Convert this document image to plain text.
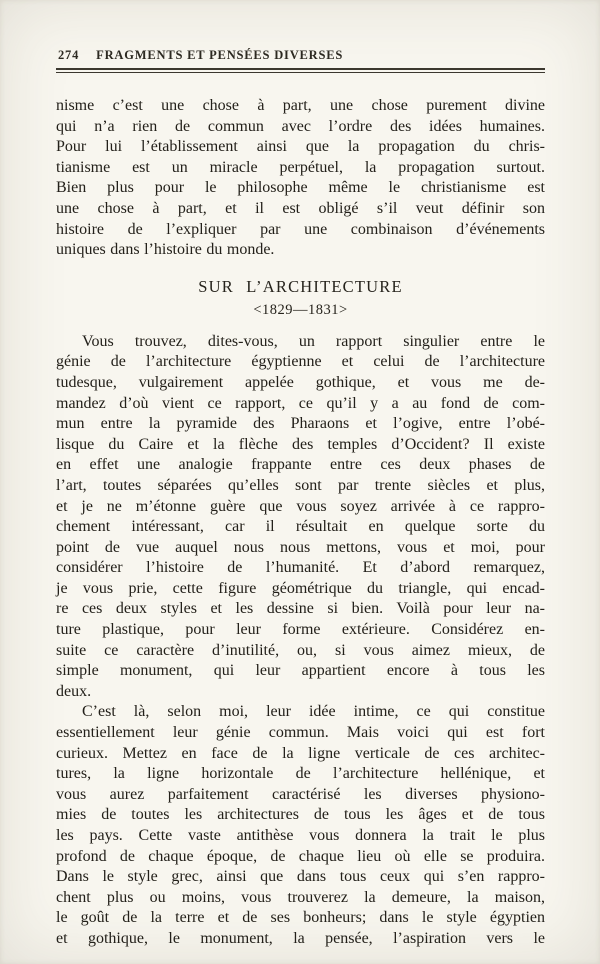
274 FRAGMENTS ET PENSÉES DIVERSES
nisme c’est une chose à part, une chose purement divine
qui n’a rien de commun avec l’ordre des idées humaines.
Pour lui l’établissement ainsi que la propagation du chris-
tianisme est un miracle perpétuel, la propagation surtout.
Bien plus pour le philosophe même le christianisme est
une chose à part, et il est obligé s’il veut définir son
histoire de l’expliquer par une combinaison d’événements
uniques dans l’histoire du monde.
SUR L’ARCHITECTURE
<1829—1831>
Vous trouvez, dites-vous, un rapport singulier entre le
génie de l’architecture égyptienne et celui de l’architecture
tudesque, vulgairement appelée gothique, et vous me de-
mandez d’où vient ce rapport, ce qu’il y a au fond de com-
mun entre la pyramide des Pharaons et l’ogive, entre l’obé-
lisque du Caire et la flèche des temples d’Occident? Il existe
en effet une analogie frappante entre ces deux phases de
l’art, toutes séparées qu’elles sont par trente siècles et plus,
et je ne m’étonne guère que vous soyez arrivée à ce rappro-
chement intéressant, car il résultait en quelque sorte du
point de vue auquel nous nous mettons, vous et moi, pour
considérer l’histoire de l’humanité. Et d’abord remarquez,
je vous prie, cette figure géométrique du triangle, qui encad-
re ces deux styles et les dessine si bien. Voilà pour leur na-
ture plastique, pour leur forme extérieure. Considérez en-
suite ce caractère d’inutilité, ou, si vous aimez mieux, de
simple monument, qui leur appartient encore à tous les
deux.
C’est là, selon moi, leur idée intime, ce qui constitue
essentiellement leur génie commun. Mais voici qui est fort
curieux. Mettez en face de la ligne verticale de ces architec-
tures, la ligne horizontale de l’architecture hellénique, et
vous aurez parfaitement caractérisé les diverses physiono-
mies de toutes les architectures de tous les âges et de tous
les pays. Cette vaste antithèse vous donnera la trait le plus
profond de chaque époque, de chaque lieu où elle se produira.
Dans le style grec, ainsi que dans tous ceux qui s’en rappro-
chent plus ou moins, vous trouverez la demeure, la maison,
le goût de la terre et de ses bonheurs; dans le style égyptien
et gothique, le monument, la pensée, l’aspiration vers le
